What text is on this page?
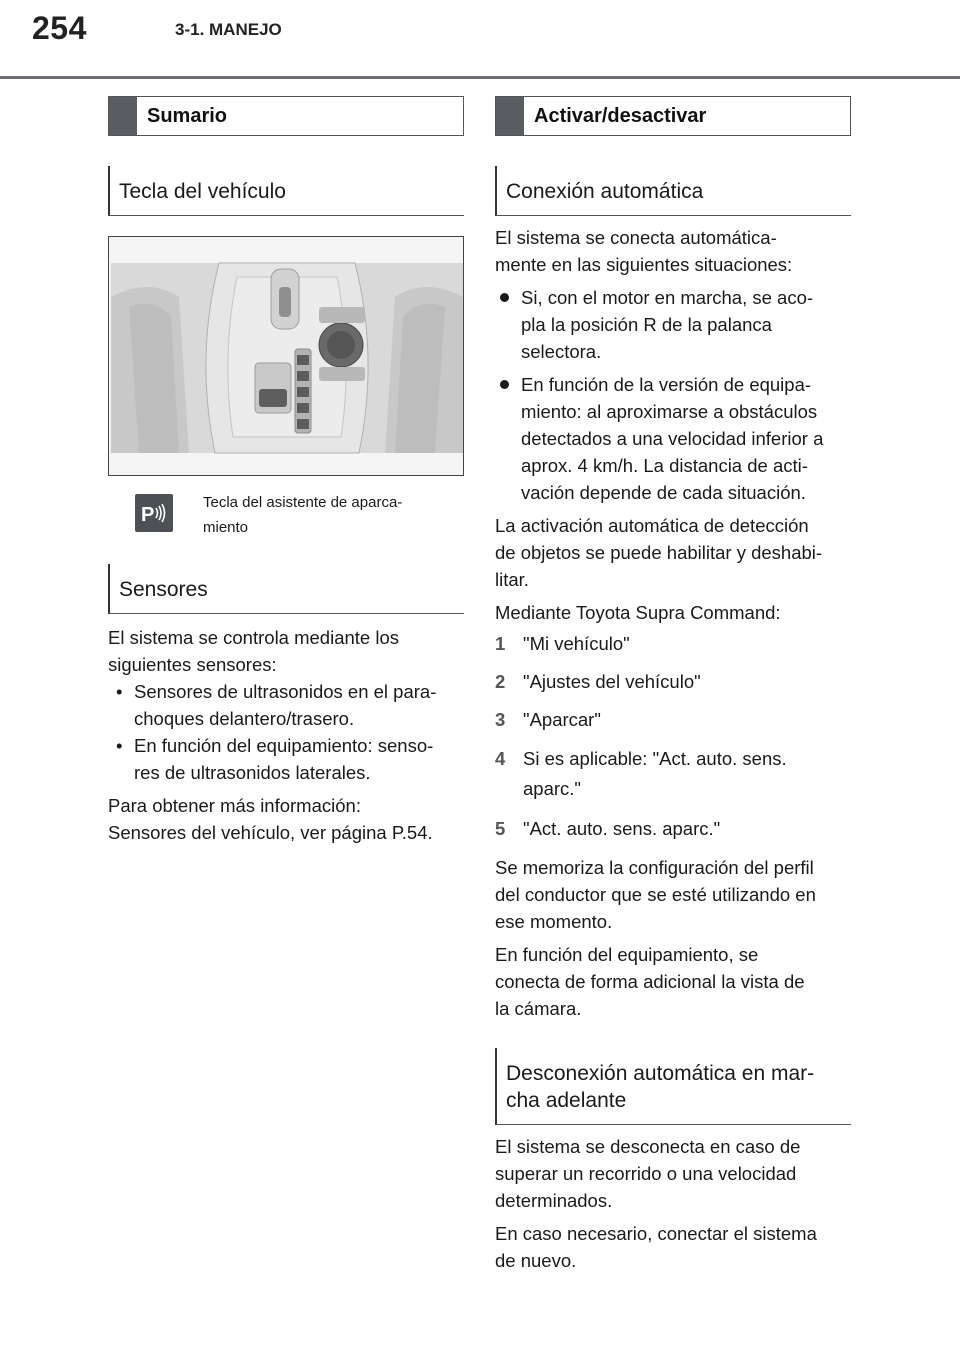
254	3-1. MANEJO
Sumario
Tecla del vehículo
P
Tecla del asistente de aparca-miento
Sensores

El sistema se controla mediante los
siguientes sensores:

• Sensores de ultrasonidos en el para-
choques delantero/trasero.
• En función del equipamiento: senso-
res de ultrasonidos laterales.

Para obtener más información:
Sensores del vehículo, ver página P.54.

Activar/desactivar
Conexión automática

El sistema se conecta automática-
mente en las siguientes situaciones:

Si, con el motor en marcha, se aco-
pla la posición R de la palanca
selectora.
En función de la versión de equipa-
miento: al aproximarse a obstáculos
detectados a una velocidad inferior a
aprox. 4 km/h. La distancia de acti-
vación depende de cada situación.

La activación automática de detección
de objetos se puede habilitar y deshabi-
litar.

Mediante Toyota Supra Command:

1 "Mi vehículo"
2 "Ajustes del vehículo"
3 "Aparcar"
4 Si es aplicable: "Act. auto. sens. aparc."
5 "Act. auto. sens. aparc."

Se memoriza la configuración del perfil
del conductor que se esté utilizando en
ese momento.

En función del equipamiento, se
conecta de forma adicional la vista de
la cámara.

Desconexión automática en mar-
cha adelante

El sistema se desconecta en caso de
superar un recorrido o una velocidad
determinados.

En caso necesario, conectar el sistema
de nuevo.
